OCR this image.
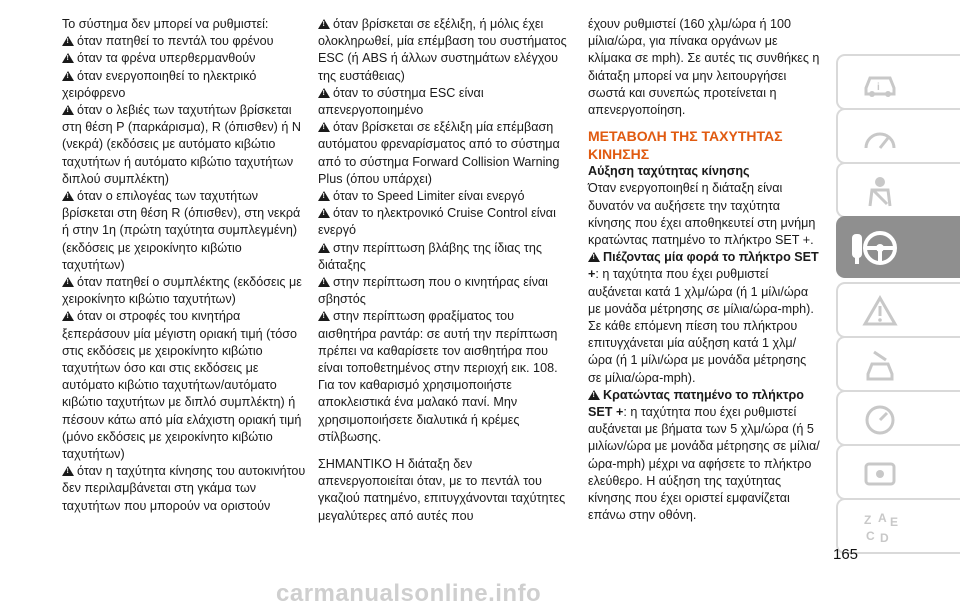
Το σύστημα δεν μπορεί να ρυθμιστεί:

!όταν πατηθεί το πεντάλ του φρένου

!όταν τα φρένα υπερθερμανθούν

!όταν ενεργοποιηθεί το ηλεκτρικό χειρόφρενο

!όταν ο λεβιές των ταχυτήτων βρίσκεται στη θέση P (παρκάρισμα), R (όπισθεν) ή N (νεκρά) (εκδόσεις με αυτόματο κιβώτιο ταχυτήτων ή αυτόματο κιβώτιο ταχυτήτων διπλού συμπλέκτη)

!όταν ο επιλογέας των ταχυτήτων βρίσκεται στη θέση R (όπισθεν), στη νεκρά ή στην 1η (πρώτη ταχύτητα συμπλεγμένη) (εκδόσεις με χειροκίνητο κιβώτιο ταχυτήτων)

!όταν πατηθεί ο συμπλέκτης (εκδόσεις με χειροκίνητο κιβώτιο ταχυτήτων)

!όταν οι στροφές του κινητήρα ξεπεράσουν μία μέγιστη οριακή τιμή (τόσο στις εκδόσεις με χειροκίνητο κιβώτιο ταχυτήτων όσο και στις εκδόσεις με αυτόματο κιβώτιο ταχυτήτων/αυτόματο κιβώτιο ταχυτήτων με διπλό συμπλέκτη) ή πέσουν κάτω από μία ελάχιστη οριακή τιμή (μόνο εκδόσεις με χειροκίνητο κιβώτιο ταχυτήτων)

!όταν η ταχύτητα κίνησης του αυτοκινήτου δεν περιλαμβάνεται στη γκάμα των ταχυτήτων που μπορούν να οριστούν

!όταν βρίσκεται σε εξέλιξη, ή μόλις έχει ολοκληρωθεί, μία επέμβαση του συστήματος ESC (ή ABS ή άλλων συστημάτων ελέγχου της ευστάθειας)

!όταν το σύστημα ESC είναι απενεργοποιημένο

!όταν βρίσκεται σε εξέλιξη μία επέμβαση αυτόματου φρεναρίσματος από το σύστημα από το σύστημα Forward Collision Warning Plus (όπου υπάρχει)

!όταν το Speed Limiter είναι ενεργό

!όταν το ηλεκτρονικό Cruise Control είναι ενεργό

!στην περίπτωση βλάβης της ίδιας της διάταξης

!στην περίπτωση που ο κινητήρας είναι σβηστός

!στην περίπτωση φραξίματος του αισθητήρα ραντάρ: σε αυτή την περίπτωση πρέπει να καθαρίσετε τον αισθητήρα που είναι τοποθετημένος στην περιοχή εικ. 108. Για τον καθαρισμό χρησιμοποιήστε αποκλειστικά ένα μαλακό πανί. Μην χρησιμοποιήσετε διαλυτικά ή κρέμες στίλβωσης.

ΣΗΜΑΝΤΙΚΟ Η διάταξη δεν απενεργοποιείται όταν, με το πεντάλ του γκαζιού πατημένο, επιτυγχάνονται ταχύτητες μεγαλύτερες από αυτές που

έχουν ρυθμιστεί (160 χλμ/ώρα ή 100 μίλια/ώρα, για πίνακα οργάνων με κλίμακα σε mph). Σε αυτές τις συνθήκες η διάταξη μπορεί να μην λειτουργήσει σωστά και συνεπώς προτείνεται η απενεργοποίηση.

ΜΕΤΑΒΟΛΗ ΤΗΣ ΤΑΧΥΤΗΤΑΣ ΚΙΝΗΣΗΣ

Αύξηση ταχύτητας κίνησης

Όταν ενεργοποιηθεί η διάταξη είναι δυνατόν να αυξήσετε την ταχύτητα κίνησης που έχει αποθηκευτεί στη μνήμη κρατώντας πατημένο το πλήκτρο SET +.

!Πιέζοντας μία φορά το πλήκτρο SET +: η ταχύτητα που έχει ρυθμιστεί αυξάνεται κατά 1 χλμ/ώρα (ή 1 μίλι/ώρα με μονάδα μέτρησης σε μίλια/ώρα-mph). Σε κάθε επόμενη πίεση του πλήκτρου επιτυγχάνεται μία αύξηση κατά 1 χλμ/ώρα (ή 1 μίλι/ώρα με μονάδα μέτρησης σε μίλια/ώρα-mph).

!Κρατώντας πατημένο το πλήκτρο SET +: η ταχύτητα που έχει ρυθμιστεί αυξάνεται με βήματα των 5 χλμ/ώρα (ή 5 μιλίων/ώρα με μονάδα μέτρησης σε μίλια/ώρα-mph) μέχρι να αφήσετε το πλήκτρο ελεύθερο. Η αύξηση της ταχύτητας κίνησης που έχει οριστεί εμφανίζεται επάνω στην οθόνη.

i
Z A E
C D
165
carmanualsonline.info
